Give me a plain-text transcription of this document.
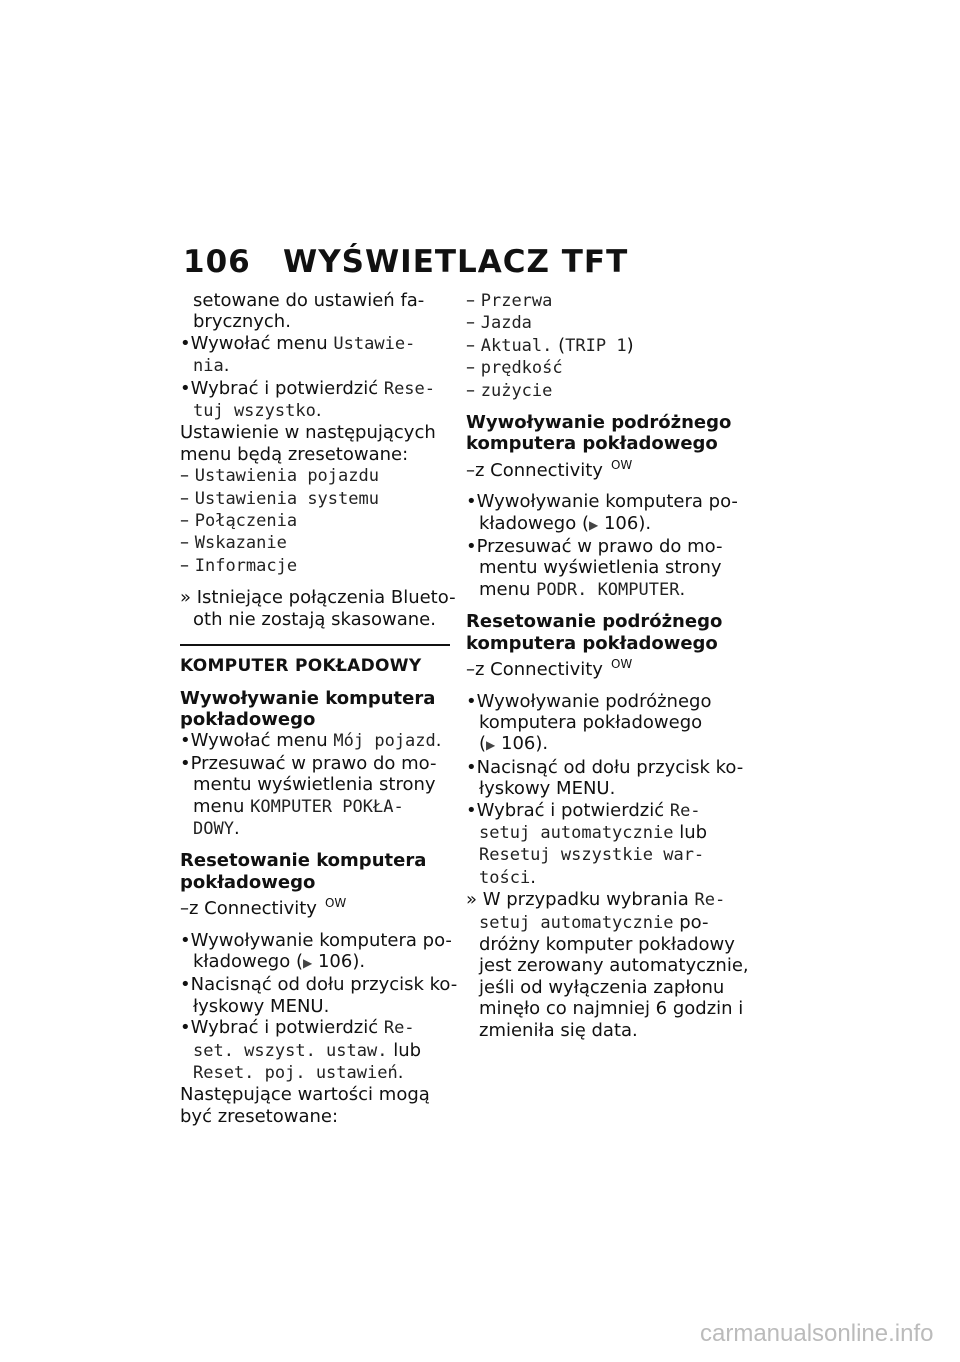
106 WYŚWIETLACZ TFT
setowane do ustawień fa-
brycznych.
•Wywołać menu Ustawie-
nia.
•Wybrać i potwierdzić Rese-
tuj wszystko.
Ustawienie w następujących
menu będą zresetowane:
– Ustawienia pojazdu
– Ustawienia systemu
– Połączenia
– Wskazanie
– Informacje
» Istniejące połączenia Blueto-
oth nie zostają skasowane.
KOMPUTER POKŁADOWY
Wywoływanie komputera
pokładowego
•Wywołać menu Mój pojazd.
•Przesuwać w prawo do mo-
mentu wyświetlenia strony
menu KOMPUTER POKŁA-
DOWY.
Resetowanie komputera
pokładowego
–z Connectivity $^{OW}$
•Wywoływanie komputera po-
kładowego (▶ 106).
•Nacisnąć od dołu przycisk ko-
łyskowy MENU.
•Wybrać i potwierdzić Re-
set. wszyst. ustaw. lub
Reset. poj. ustawień.
Następujące wartości mogą
być zresetowane:
– Przerwa
– Jazda
– Aktual. (TRIP 1)
– prędkość
– zużycie
Wywoływanie podróżnego
komputera pokładowego
–z Connectivity $^{OW}$
•Wywoływanie komputera po-
kładowego (▶ 106).
•Przesuwać w prawo do mo-
mentu wyświetlenia strony
menu PODR. KOMPUTER.
Resetowanie podróżnego
komputera pokładowego
–z Connectivity $^{OW}$
•Wywoływanie podróżnego
komputera pokładowego
(▶ 106).
•Nacisnąć od dołu przycisk ko-
łyskowy MENU.
•Wybrać i potwierdzić Re-
setuj automatycznie lub
Resetuj wszystkie war-
tości.
» W przypadku wybrania Re-
setuj automatycznie po-
dróżny komputer pokładowy
jest zerowany automatycznie,
jeśli od wyłączenia zapłonu
minęło co najmniej 6 godzin i
zmieniła się data.
carmanualsonline.info
